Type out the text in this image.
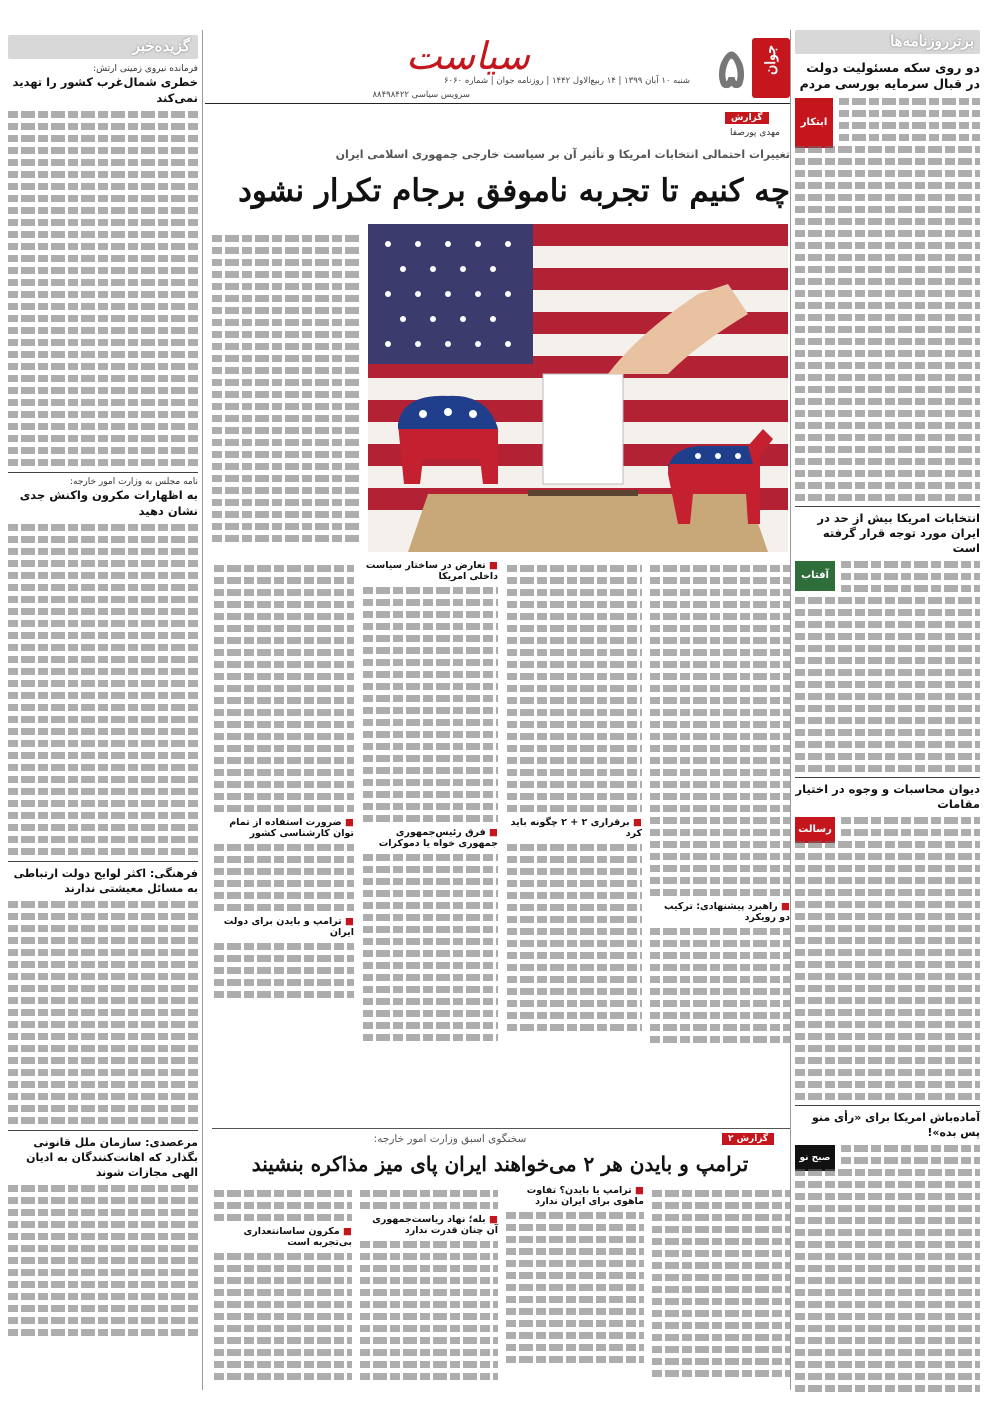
جوان
۵
سیاست
شنبه ۱۰ آبان ۱۳۹۹ | ۱۴ ربیع‌الاول ۱۴۴۲ | روزنامه جوان | شماره ۶۰۶۰
سرویس سیاسی ۸۸۴۹۸۴۲۲
برترروزنامه‌ها
دو روی سکه مسئولیت دولت در قبال سرمایه بورسی مردم
ابتکار
انتخابات امریکا بیش از حد در ایران مورد توجه قرار گرفته است
آفتاب
دیوان محاسبات و وجوه در اختیار مقامات
رسالت
آماده‌باش امریکا برای «رأی منو پس بده»!
صبح نو
گزیده‌خبر
فرمانده نیروی زمینی ارتش:
خطری شمال‌غرب کشور را تهدید نمی‌کند
نامه مجلس به وزارت امور خارجه:
به اظهارات مکرون واکنش جدی نشان دهید
فرهنگی: اکثر لوایح دولت ارتباطی به مسائل معیشتی ندارند
مرعصدی: سازمان ملل قانونی بگذارد که اهانت‌کنندگان به ادیان الهی مجازات شوند
گزارش
مهدی پورصفا
تغییرات احتمالی انتخابات امریکا و تأثیر آن بر سیاست خارجی جمهوری اسلامی ایران
چه کنیم تا تجربه ناموفق برجام تکرار نشود
■ راهبرد پیشنهادی: ترکیب دو رویکرد
■ برقراری ۲ + ۲ چگونه باید کرد
■ تعارض در ساختار سیاست داخلی امریکا
■ فرق رئیس‌جمهوری جمهوری خواه یا دموکرات
■ ضرورت استفاده از تمام توان کارشناسی کشور
■ ترامپ و بایدن برای دولت ایران
گزارش ۲
سخنگوی اسبق وزارت امور خارجه:
ترامپ و بایدن هر ۲ می‌خواهند ایران پای میز مذاکره بنشیند
■ ترامپ یا بایدن؟ تفاوت ماهوی برای ایران ندارد
■ بله؛ نهاد ریاست‌جمهوری آن چنان قدرت ندارد
■ مکرون ساسانتعداری بی‌تجربه است
